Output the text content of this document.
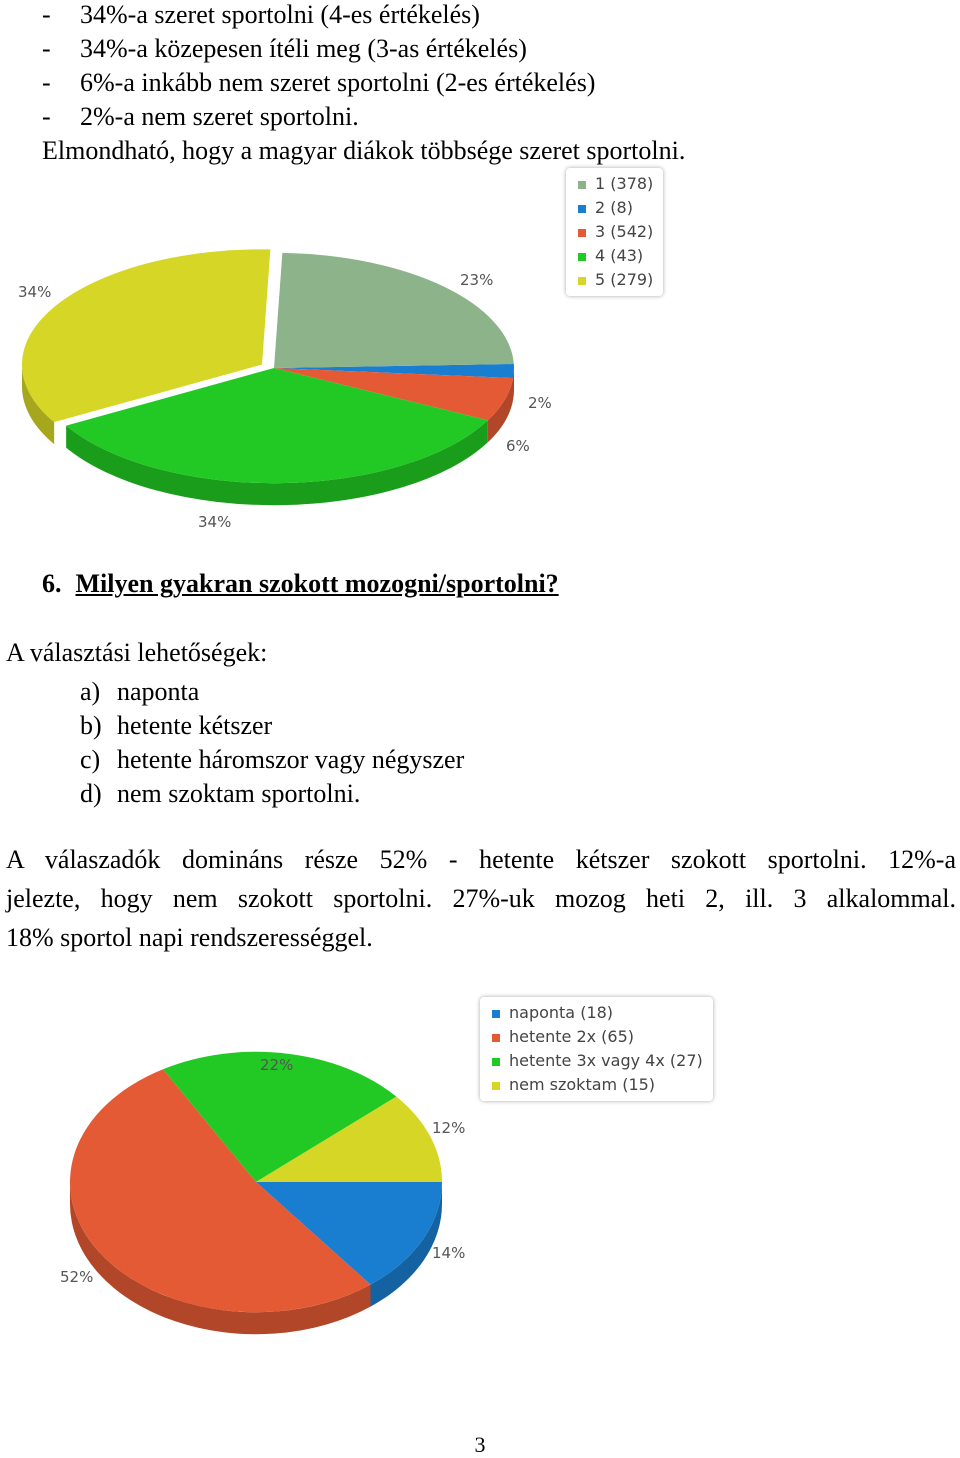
- 34%-a szeret sportolni (4-es értékelés)
- 34%-a közepesen ítéli meg (3-as értékelés)
- 6%-a inkább nem szeret sportolni (2-es értékelés)
- 2%-a nem szeret sportolni.
Elmondható, hogy a magyar diákok többsége szeret sportolni.
23%
2%
6%
34%
34%
1 (378)
2 (8)
3 (542)
4 (43)
5 (279)
6. Milyen gyakran szokott mozogni/sportolni?
A választási lehetőségek:
a) naponta
b) hetente kétszer
c) hetente háromszor vagy négyszer
d) nem szoktam sportolni.
A válaszadók domináns része 52% - hetente kétszer szokott sportolni. 12%-a
jelezte, hogy nem szokott sportolni. 27%-uk mozog heti 2, ill. 3 alkalommal.
18% sportol napi rendszerességgel.
14%
52%
22%
12%
naponta (18)
hetente 2x (65)
hetente 3x vagy 4x (27)
nem szoktam (15)
3
